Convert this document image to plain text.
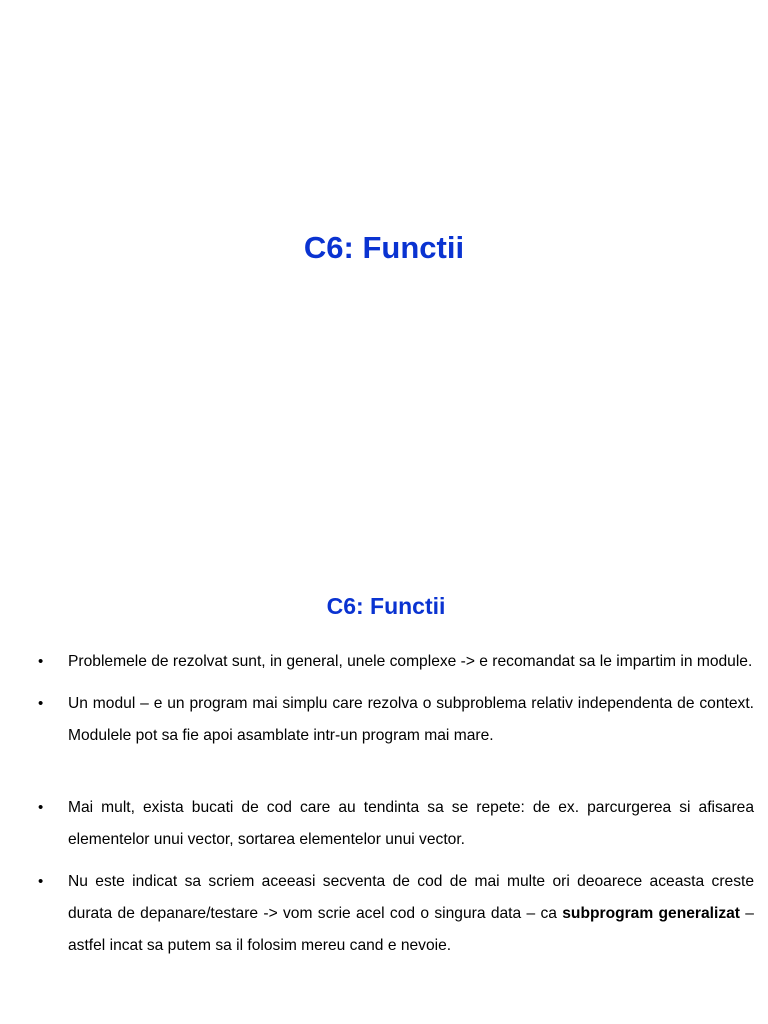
C6: Functii
C6: Functii
•	Problemele de rezolvat sunt, in general, unele complexe -> e recomandat sa le impartim in module.
•	Un modul – e un program mai simplu care rezolva o subproblema relativ independenta de context. Modulele pot sa fie apoi asamblate intr-un program mai mare.
•	Mai mult, exista bucati de cod care au tendinta sa se repete: de ex. parcurgerea si afisarea elementelor unui vector, sortarea elementelor unui vector.
•	Nu este indicat sa scriem aceeasi secventa de cod de mai multe ori deoarece aceasta creste durata de depanare/testare -> vom scrie acel cod o singura data – ca subprogram generalizat – astfel incat sa putem sa il folosim mereu cand e nevoie.
